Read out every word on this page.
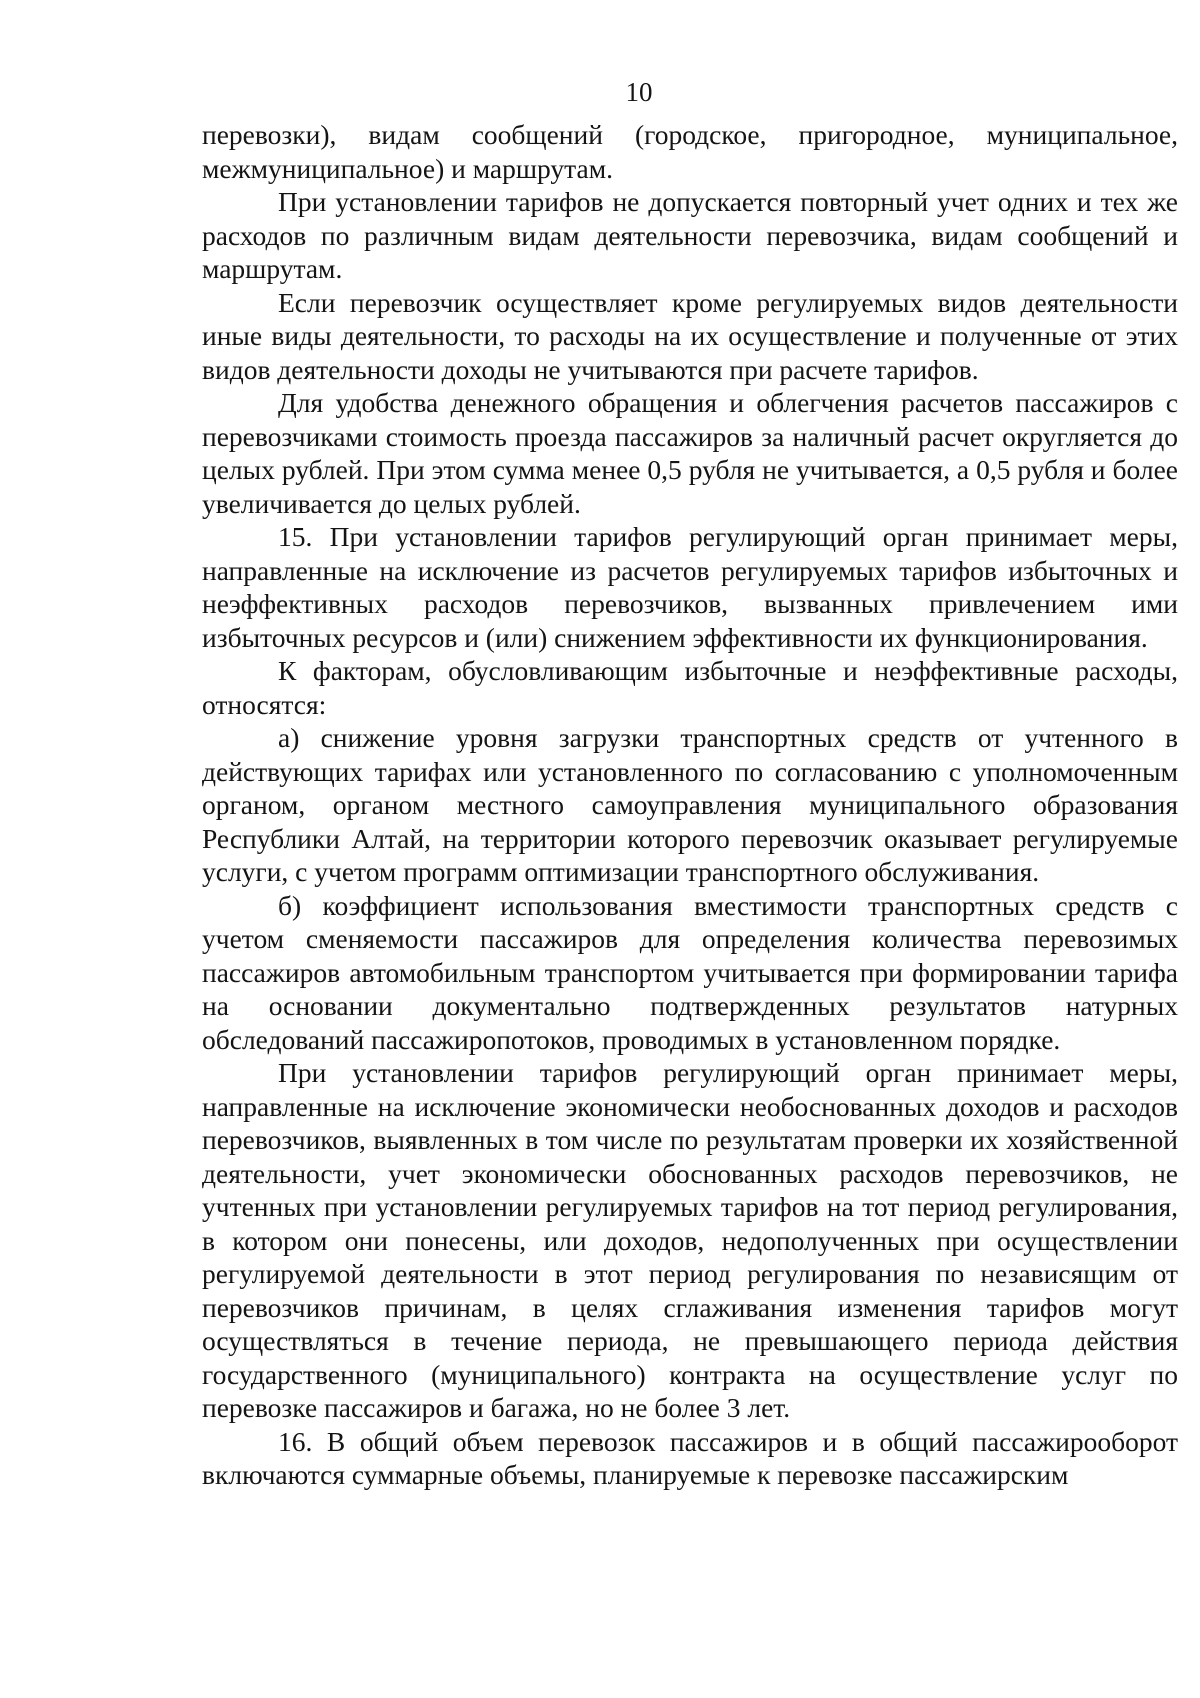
10

перевозки), видам сообщений (городское, пригородное, муниципальное, межмуниципальное) и маршрутам.

При установлении тарифов не допускается повторный учет одних и тех же расходов по различным видам деятельности перевозчика, видам сообщений и маршрутам.

Если перевозчик осуществляет кроме регулируемых видов деятельности иные виды деятельности, то расходы на их осуществление и полученные от этих видов деятельности доходы не учитываются при расчете тарифов.

Для удобства денежного обращения и облегчения расчетов пассажиров с перевозчиками стоимость проезда пассажиров за наличный расчет округляется до целых рублей. При этом сумма менее 0,5 рубля не учитывается, а 0,5 рубля и более увеличивается до целых рублей.

15. При установлении тарифов регулирующий орган принимает меры, направленные на исключение из расчетов регулируемых тарифов избыточных и неэффективных расходов перевозчиков, вызванных привлечением ими избыточных ресурсов и (или) снижением эффективности их функционирования.

К факторам, обусловливающим избыточные и неэффективные расходы, относятся:

а) снижение уровня загрузки транспортных средств от учтенного в действующих тарифах или установленного по согласованию с уполномоченным органом, органом местного самоуправления муниципального образования Республики Алтай, на территории которого перевозчик оказывает регулируемые услуги, с учетом программ оптимизации транспортного обслуживания.

б) коэффициент использования вместимости транспортных средств с учетом сменяемости пассажиров для определения количества перевозимых пассажиров автомобильным транспортом учитывается при формировании тарифа на основании документально подтвержденных результатов натурных обследований пассажиропотоков, проводимых в установленном порядке.

При установлении тарифов регулирующий орган принимает меры, направленные на исключение экономически необоснованных доходов и расходов перевозчиков, выявленных в том числе по результатам проверки их хозяйственной деятельности, учет экономически обоснованных расходов перевозчиков, не учтенных при установлении регулируемых тарифов на тот период регулирования, в котором они понесены, или доходов, недополученных при осуществлении регулируемой деятельности в этот период регулирования по независящим от перевозчиков причинам, в целях сглаживания изменения тарифов могут осуществляться в течение периода, не превышающего периода действия государственного (муниципального) контракта на осуществление услуг по перевозке пассажиров и багажа, но не более 3 лет.

16. В общий объем перевозок пассажиров и в общий пассажирооборот включаются суммарные объемы, планируемые к перевозке пассажирским
